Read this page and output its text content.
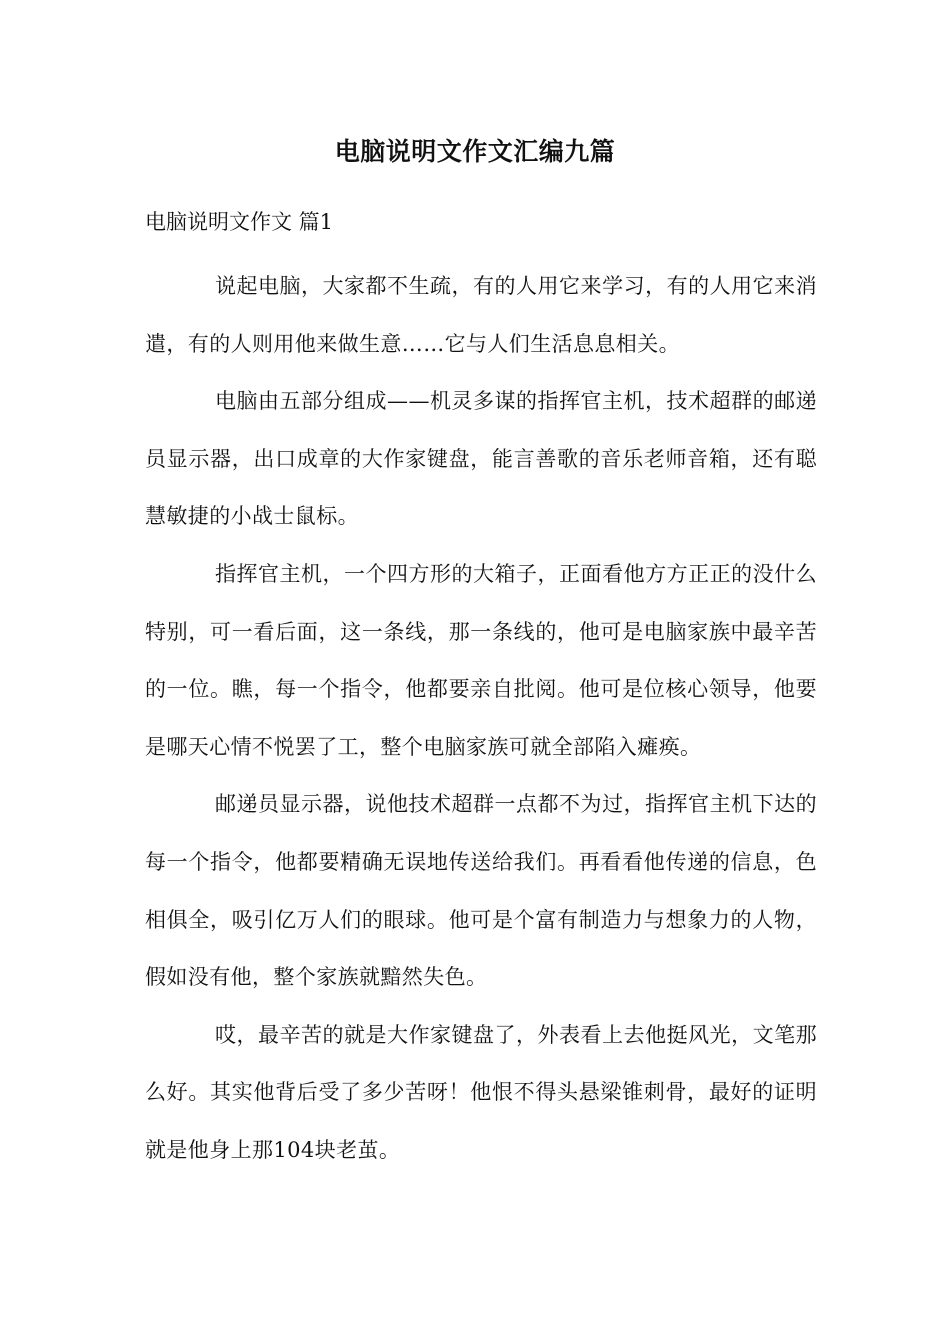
电脑说明文作文汇编九篇
电脑说明文作文 篇1

说起电脑，大家都不生疏，有的人用它来学习，有的人用它来消遣，有的人则用他来做生意……它与人们生活息息相关。

电脑由五部分组成——机灵多谋的指挥官主机，技术超群的邮递员显示器，出口成章的大作家键盘，能言善歌的音乐老师音箱，还有聪慧敏捷的小战士鼠标。

指挥官主机，一个四方形的大箱子，正面看他方方正正的没什么特别，可一看后面，这一条线，那一条线的，他可是电脑家族中最辛苦的一位。瞧，每一个指令，他都要亲自批阅。他可是位核心领导，他要是哪天心情不悦罢了工，整个电脑家族可就全部陷入瘫痪。

邮递员显示器，说他技术超群一点都不为过，指挥官主机下达的每一个指令，他都要精确无误地传送给我们。再看看他传递的信息，色相俱全，吸引亿万人们的眼球。他可是个富有制造力与想象力的人物，假如没有他，整个家族就黯然失色。

哎，最辛苦的就是大作家键盘了，外表看上去他挺风光，文笔那么好。其实他背后受了多少苦呀！他恨不得头悬梁锥刺骨，最好的证明就是他身上那104块老茧。
